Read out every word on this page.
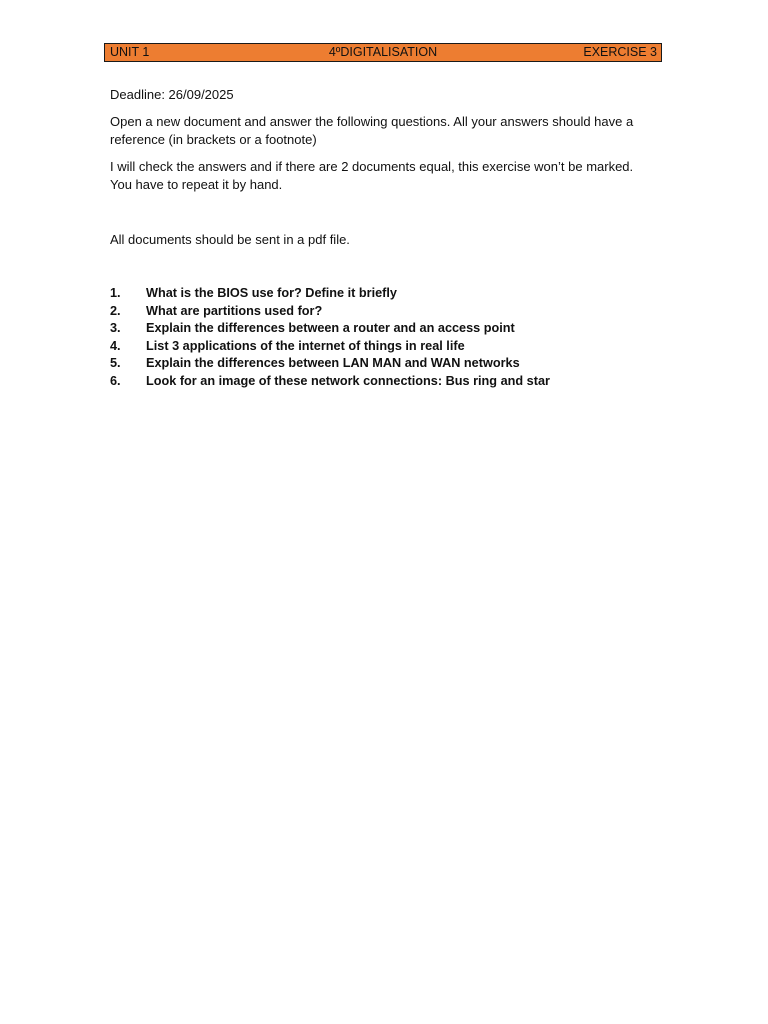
UNIT 1	4ºDIGITALISATION	EXERCISE 3

Deadline: 26/09/2025

Open a new document and answer the following questions. All your answers should have a reference (in brackets or a footnote)

I will check the answers and if there are 2 documents equal, this exercise won’t be marked.
You have to repeat it by hand.

All documents should be sent in a pdf file.

1. What is the BIOS use for? Define it briefly
2. What are partitions used for?
3. Explain the differences between a router and an access point
4. List 3 applications of the internet of things in real life
5. Explain the differences between LAN MAN and WAN networks
6. Look for an image of these network connections: Bus ring and star
